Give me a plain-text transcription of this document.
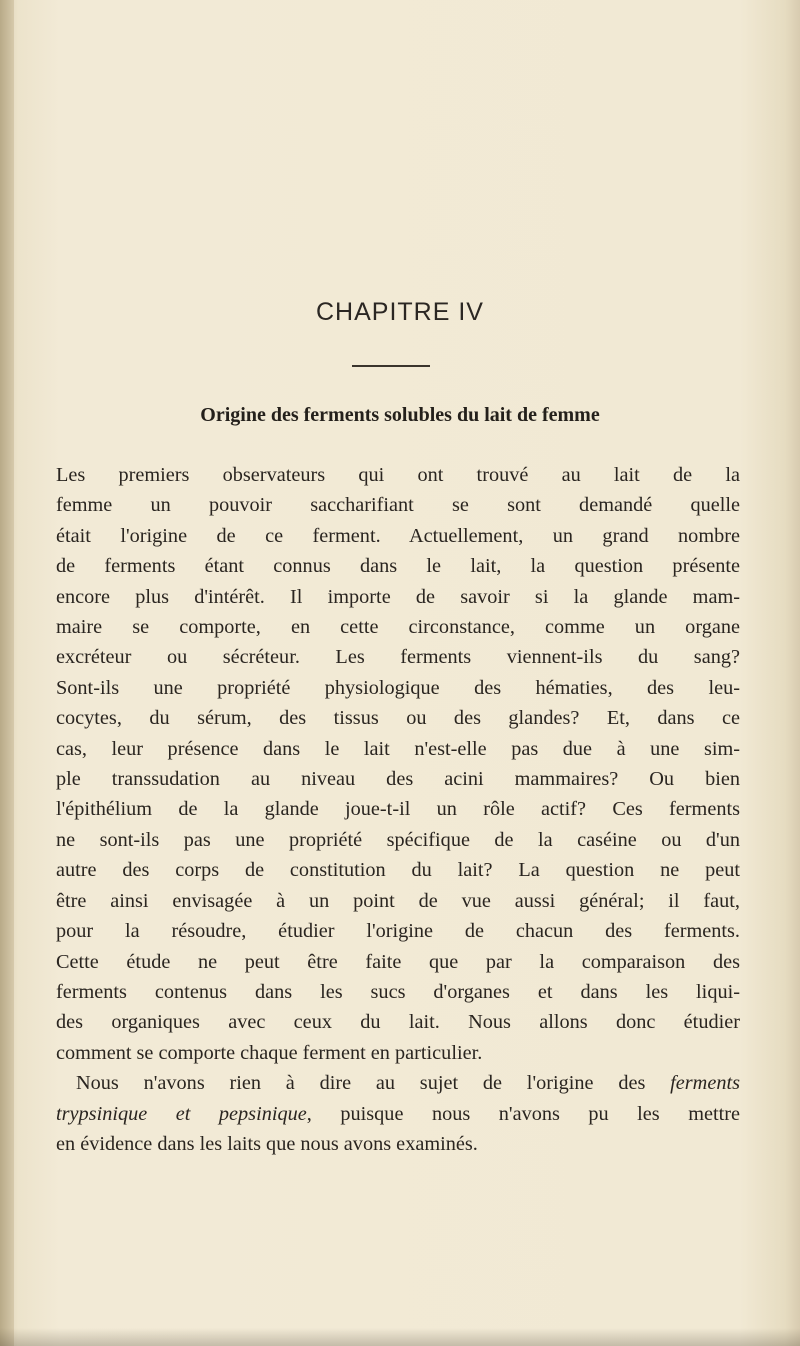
CHAPITRE IV
Origine des ferments solubles du lait de femme
Les premiers observateurs qui ont trouvé au lait de la
femme un pouvoir saccharifiant se sont demandé quelle
était l'origine de ce ferment. Actuellement, un grand nombre
de ferments étant connus dans le lait, la question présente
encore plus d'intérêt. Il importe de savoir si la glande mam-
maire se comporte, en cette circonstance, comme un organe
excréteur ou sécréteur. Les ferments viennent-ils du sang?
Sont-ils une propriété physiologique des hématies, des leu-
cocytes, du sérum, des tissus ou des glandes? Et, dans ce
cas, leur présence dans le lait n'est-elle pas due à une sim-
ple transsudation au niveau des acini mammaires? Ou bien
l'épithélium de la glande joue-t-il un rôle actif? Ces ferments
ne sont-ils pas une propriété spécifique de la caséine ou d'un
autre des corps de constitution du lait? La question ne peut
être ainsi envisagée à un point de vue aussi général; il faut,
pour la résoudre, étudier l'origine de chacun des ferments.
Cette étude ne peut être faite que par la comparaison des
ferments contenus dans les sucs d'organes et dans les liqui-
des organiques avec ceux du lait. Nous allons donc étudier
comment se comporte chaque ferment en particulier.
Nous n'avons rien à dire au sujet de l'origine des ferments
trypsinique et pepsinique, puisque nous n'avons pu les mettre
en évidence dans les laits que nous avons examinés.
